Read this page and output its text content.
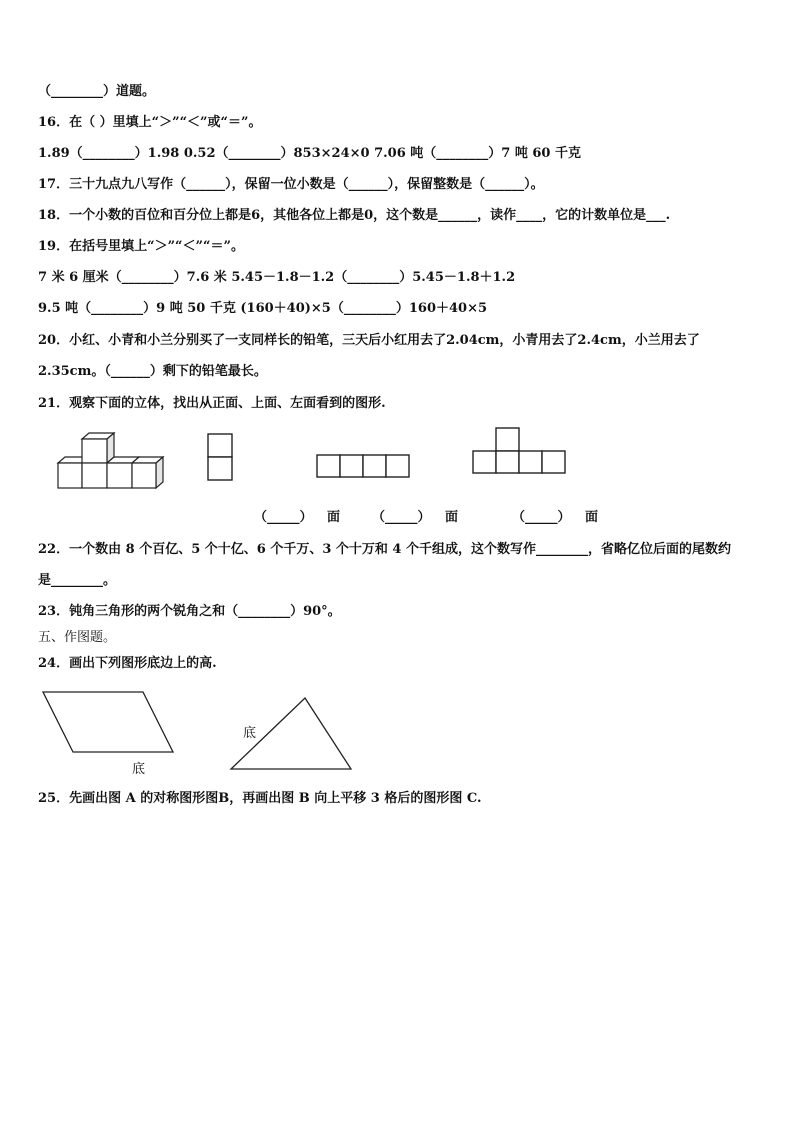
（________）道题。
16．在（ ）里填上“＞”“＜”或“＝”。
1.89（________）1.98 0.52（________）853×24×0 7.06 吨（________）7 吨 60 千克
17．三十九点九八写作（______），保留一位小数是（______），保留整数是（______）。
18．一个小数的百位和百分位上都是6，其他各位上都是0，这个数是______，读作____，它的计数单位是___.
19．在括号里填上“＞”“＜”“＝”。
7 米 6 厘米（________）7.6 米 5.45－1.8－1.2（________）5.45－1.8＋1.2
9.5 吨（________）9 吨 50 千克 (160＋40)×5（________）160＋40×5
20．小红、小青和小兰分别买了一支同样长的铅笔，三天后小红用去了2.04cm，小青用去了2.4cm，小兰用去了
2.35cm。（______）剩下的铅笔最长。
21．观察下面的立体，找出从正面、上面、左面看到的图形.
（_____） 面 （_____） 面	（_____） 面
22．一个数由 8 个百亿、5 个十亿、6 个千万、3 个十万和 4 个千组成，这个数写作________，省略亿位后面的尾数约
是________。
23．钝角三角形的两个锐角之和（________）90°。
五、作图题。
24．画出下列图形底边上的高.
底
底
25．先画出图 A 的对称图形图B，再画出图 B 向上平移 3 格后的图形图 C.
